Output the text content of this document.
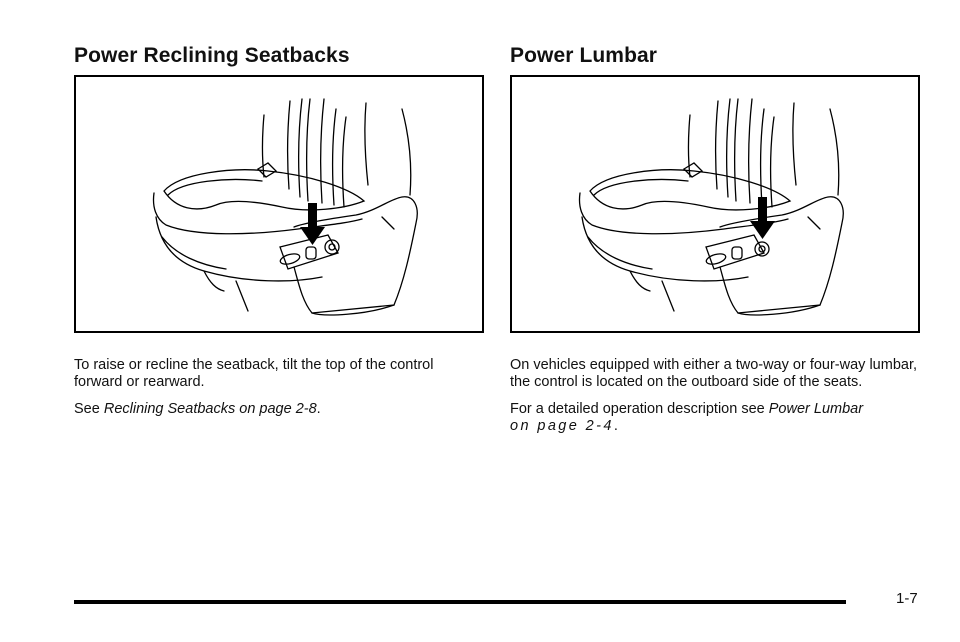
Power Reclining Seatbacks

To raise or recline the seatback, tilt the top of the control forward or rearward.

See Reclining Seatbacks on page 2-8.

Power Lumbar

On vehicles equipped with either a two-way or four-way lumbar, the control is located on the outboard side of the seats.

For a detailed operation description see Power Lumbar
on page 2-4.

1-7
